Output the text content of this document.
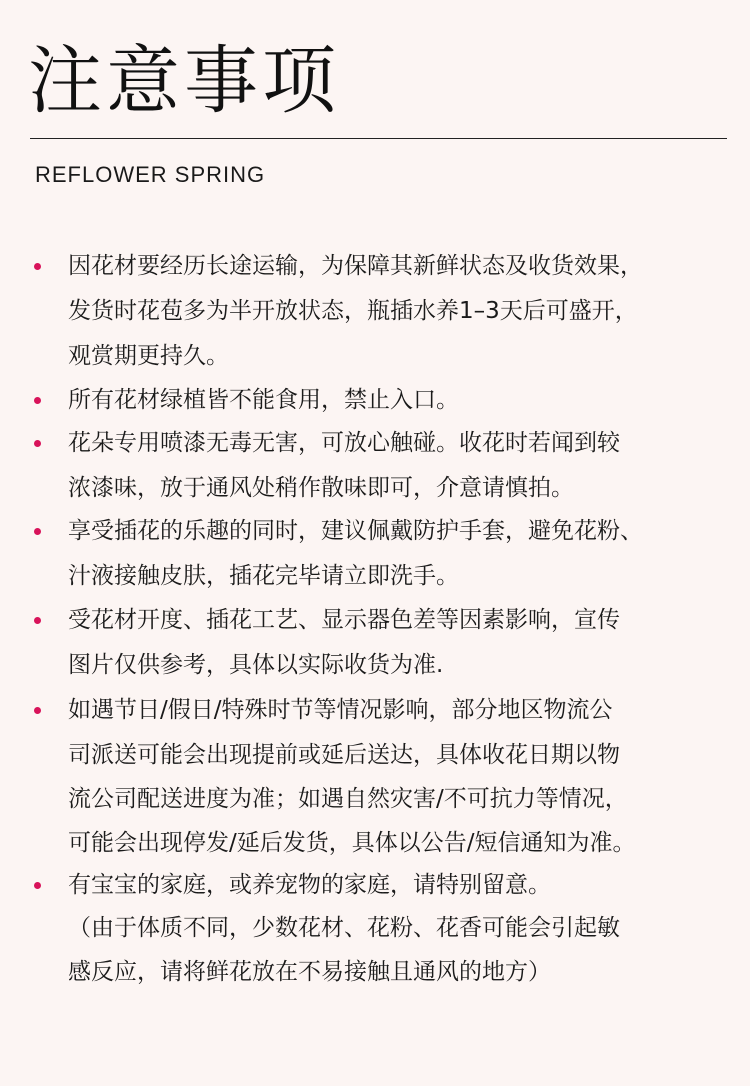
注意事项
REFLOWER SPRING
因花材要经历长途运输，为保障其新鲜状态及收货效果，
发货时花苞多为半开放状态，瓶插水养1–3天后可盛开，
观赏期更持久。
所有花材绿植皆不能食用，禁止入口。
花朵专用喷漆无毒无害，可放心触碰。收花时若闻到较
浓漆味，放于通风处稍作散味即可，介意请慎拍。
享受插花的乐趣的同时，建议佩戴防护手套，避免花粉、
汁液接触皮肤，插花完毕请立即洗手。
受花材开度、插花工艺、显示器色差等因素影响，宣传
图片仅供参考，具体以实际收货为准.
如遇节日/假日/特殊时节等情况影响，部分地区物流公
司派送可能会出现提前或延后送达，具体收花日期以物
流公司配送进度为准；如遇自然灾害/不可抗力等情况，
可能会出现停发/延后发货，具体以公告/短信通知为准。
有宝宝的家庭，或养宠物的家庭，请特别留意。
（由于体质不同，少数花材、花粉、花香可能会引起敏
感反应，请将鲜花放在不易接触且通风的地方）
